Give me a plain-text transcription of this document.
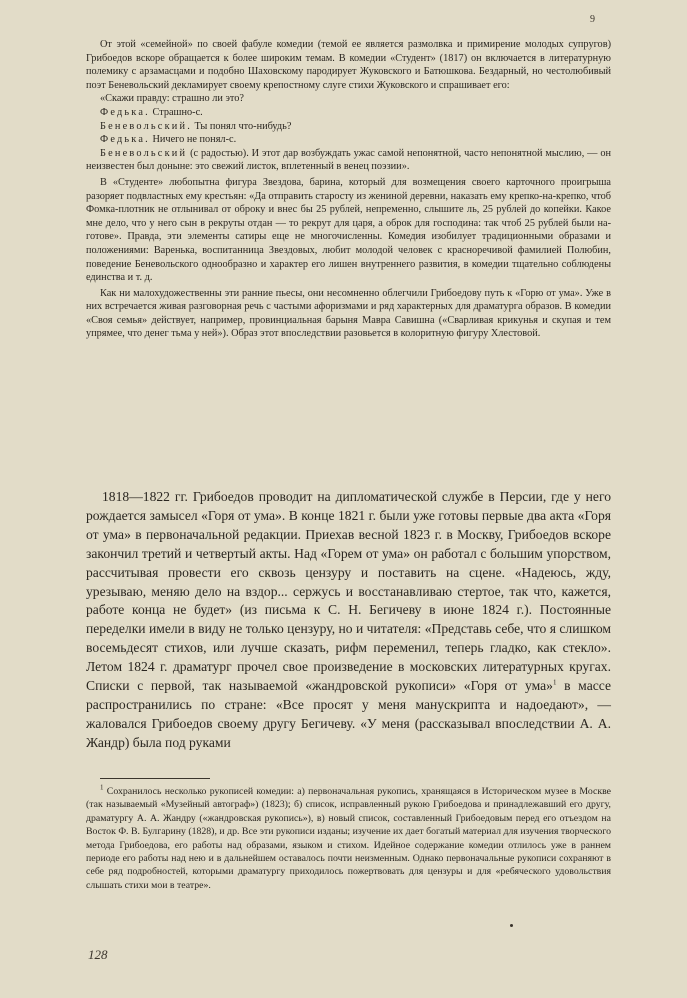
9

От этой «семейной» по своей фабуле комедии (темой ее является размолвка и примирение молодых супругов) Грибоедов вскоре обращается к более широким темам. В комедии «Студент» (1817) он включается в литературную полемику с арзамасцами и подобно Шаховскому пародирует Жуковского и Батюшкова. Бездарный, но честолюбивый поэт Беневольский декламирует своему крепостному слуге стихи Жуковского и спрашивает его:

«Скажи правду: страшно ли это?

Федька. Страшно-с.

Беневольский. Ты понял что-нибудь?

Федька. Ничего не понял-с.

Беневольский (с радостью). И этот дар возбуждать ужас самой непонятной, часто непонятной мыслию, — он неизвестен был доныне: это свежий листок, вплетенный в венец поэзии».

В «Студенте» любопытна фигура Звездова, барина, который для возмещения своего карточного проигрыша разоряет подвластных ему крестьян: «Да отправить старосту из жениной деревни, наказать ему крепко-на-крепко, чтоб Фомка-плотник не отлынивал от оброку и внес бы 25 рублей, непременно, слышите ль, 25 рублей до копейки. Какое мне дело, что у него сын в рекруты отдан — то рекрут для царя, а оброк для господина: так чтоб 25 рублей были на-готове». Правда, эти элементы сатиры еще не многочисленны. Комедия изобилует традиционными образами и положениями: Варенька, воспитанница Звездовых, любит молодой человек с красноречивой фамилией Полюбин, поведение Беневольского однообразно и характер его лишен внутреннего развития, в комедии тщательно соблюдены единства и т. д.

Как ни малохудожественны эти ранние пьесы, они несомненно облегчили Грибоедову путь к «Горю от ума». Уже в них встречается живая разговорная речь с частыми афоризмами и ряд характерных для драматурга образов. В комедии «Своя семья» действует, например, провинциальная барыня Мавра Савишна («Сварливая крикунья и скупая и тем упрямее, что денег тьма у ней»). Образ этот впоследствии разовьется в колоритную фигуру Хлестовой.

1818—1822 гг. Грибоедов проводит на дипломатической службе в Персии, где у него рождается замысел «Горя от ума». В конце 1821 г. были уже готовы первые два акта «Горя от ума» в первоначальной редакции. Приехав весной 1823 г. в Москву, Грибоедов вскоре закончил третий и четвертый акты. Над «Горем от ума» он работал с большим упорством, рассчитывая провести его сквозь цензуру и поставить на сцене. «Надеюсь, жду, урезываю, меняю дело на вздор... сержусь и восстанавливаю стертое, так что, кажется, работе конца не будет» (из письма к С. Н. Бегичеву в июне 1824 г.). Постоянные переделки имели в виду не только цензуру, но и читателя: «Представь себе, что я слишком восемьдесят стихов, или лучше сказать, рифм переменил, теперь гладко, как стекло». Летом 1824 г. драматург прочел свое произведение в московских литературных кругах. Списки с первой, так называемой «жандровской рукописи» «Горя от ума»$^1$ в массе распространились по стране: «Все просят у меня манускрипта и надоедают», — жаловался Грибоедов своему другу Бегичеву. «У меня (рассказывал впоследствии А. А. Жандр) была под руками

$^1$ Сохранилось несколько рукописей комедии: а) первоначальная рукопись, хранящаяся в Историческом музее в Москве (так называемый «Музейный автограф») (1823); б) список, исправленный рукою Грибоедова и принадлежавший его другу, драматургу А. А. Жандру («жандровская рукопись»), в) новый список, составленный Грибоедовым перед его отъездом на Восток Ф. В. Булгарину (1828), и др. Все эти рукописи изданы; изучение их дает богатый материал для изучения творческого метода Грибоедова, его работы над образами, языком и стихом. Идейное содержание комедии отлилось уже в раннем периоде его работы над нею и в дальнейшем оставалось почти неизменным. Однако первоначальные рукописи сохраняют в себе ряд подробностей, которыми драматургу приходилось пожертвовать для цензуры и для «ребяческого удовольствия слышать стихи мои в театре».

128
